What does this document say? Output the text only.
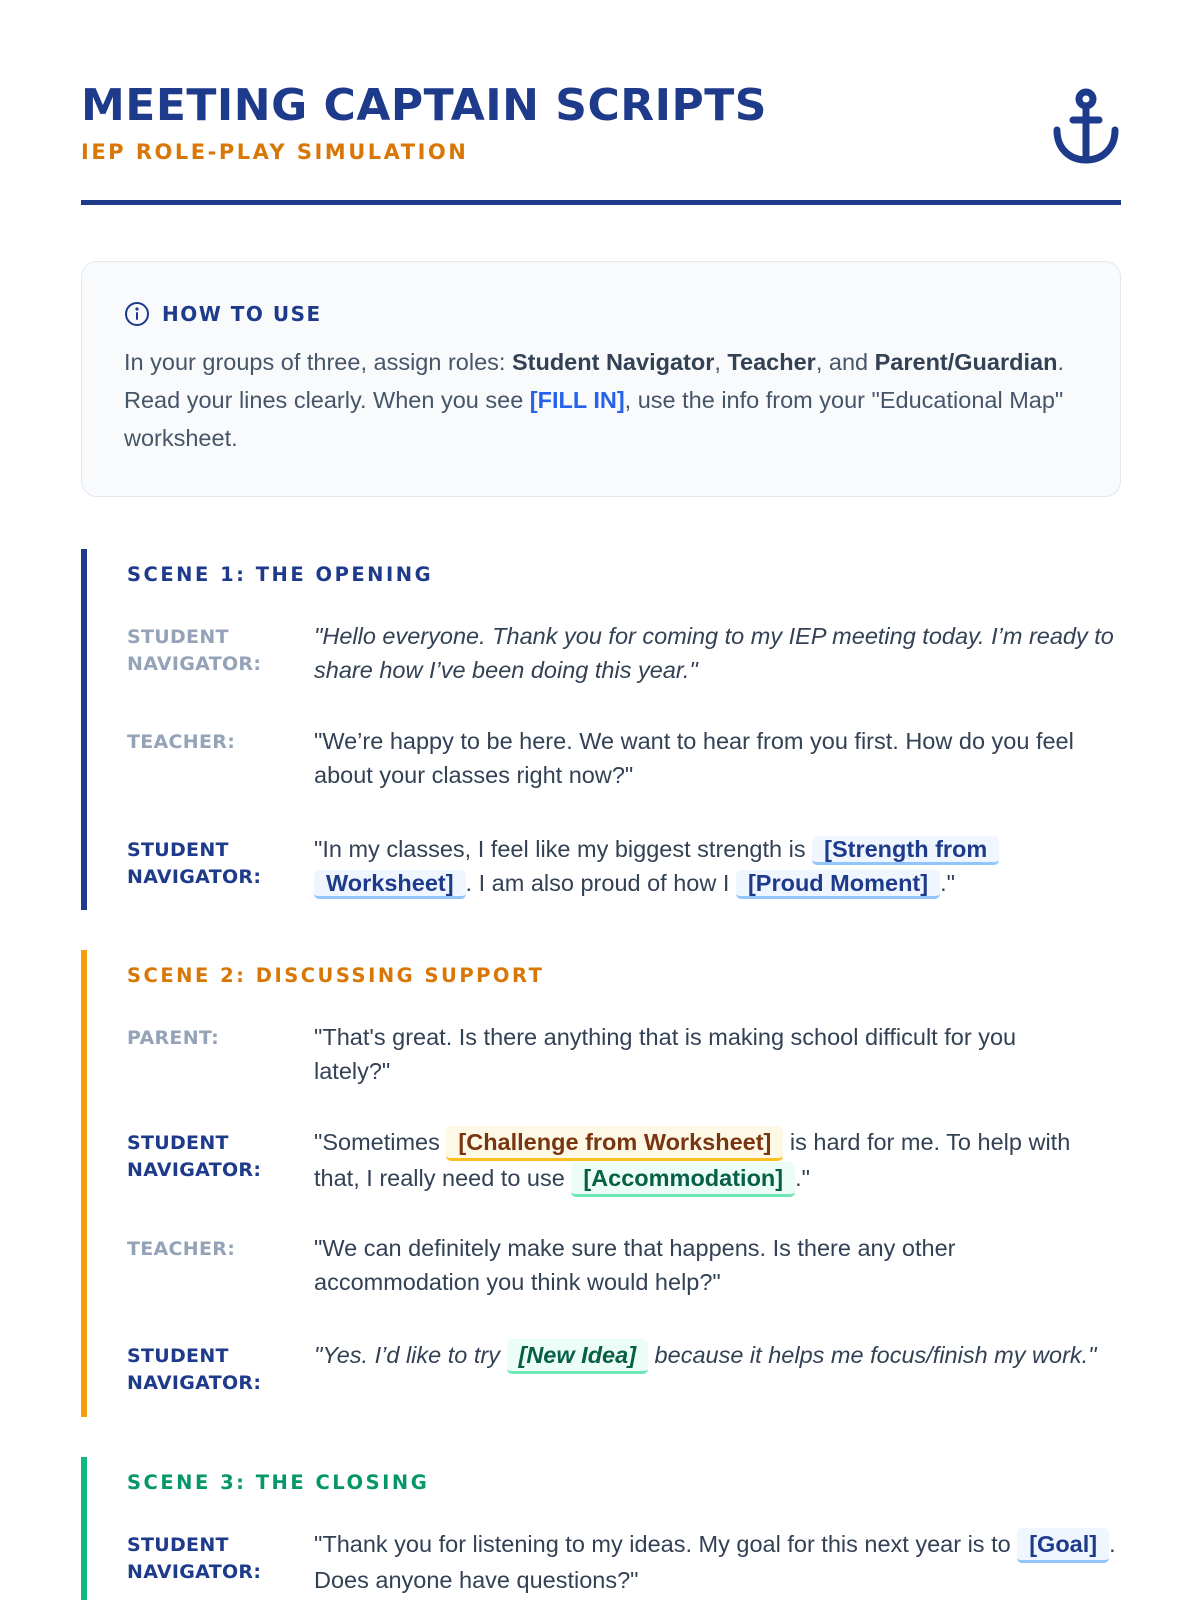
MEETING CAPTAIN SCRIPTS
IEP ROLE-PLAY SIMULATION
HOW TO USE

In your groups of three, assign roles: Student Navigator, Teacher, and Parent/Guardian. Read your lines clearly. When you see [FILL IN], use the info from your "Educational Map" worksheet.

SCENE 1: THE OPENING
STUDENT NAVIGATOR:
"Hello everyone. Thank you for coming to my IEP meeting today. I’m ready to share how I’ve been doing this year."
TEACHER:	"We’re happy to be here. We want to hear from you first. How do you feel about your classes right now?"
STUDENT NAVIGATOR:
"In my classes, I feel like my biggest strength is [Strength from Worksheet] . I am also proud of how I [Proud Moment] ."
SCENE 2: DISCUSSING SUPPORT
PARENT:	"That's great. Is there anything that is making school difficult for you lately?"
STUDENT NAVIGATOR:
"Sometimes [Challenge from Worksheet] is hard for me. To help with that, I really need to use [Accommodation] ."
TEACHER:	"We can definitely make sure that happens. Is there any other accommodation you think would help?"
STUDENT NAVIGATOR:
"Yes. I’d like to try [New Idea] because it helps me focus/finish my work."
SCENE 3: THE CLOSING
STUDENT NAVIGATOR:
"Thank you for listening to my ideas. My goal for this next year is to [Goal] . Does anyone have questions?"
